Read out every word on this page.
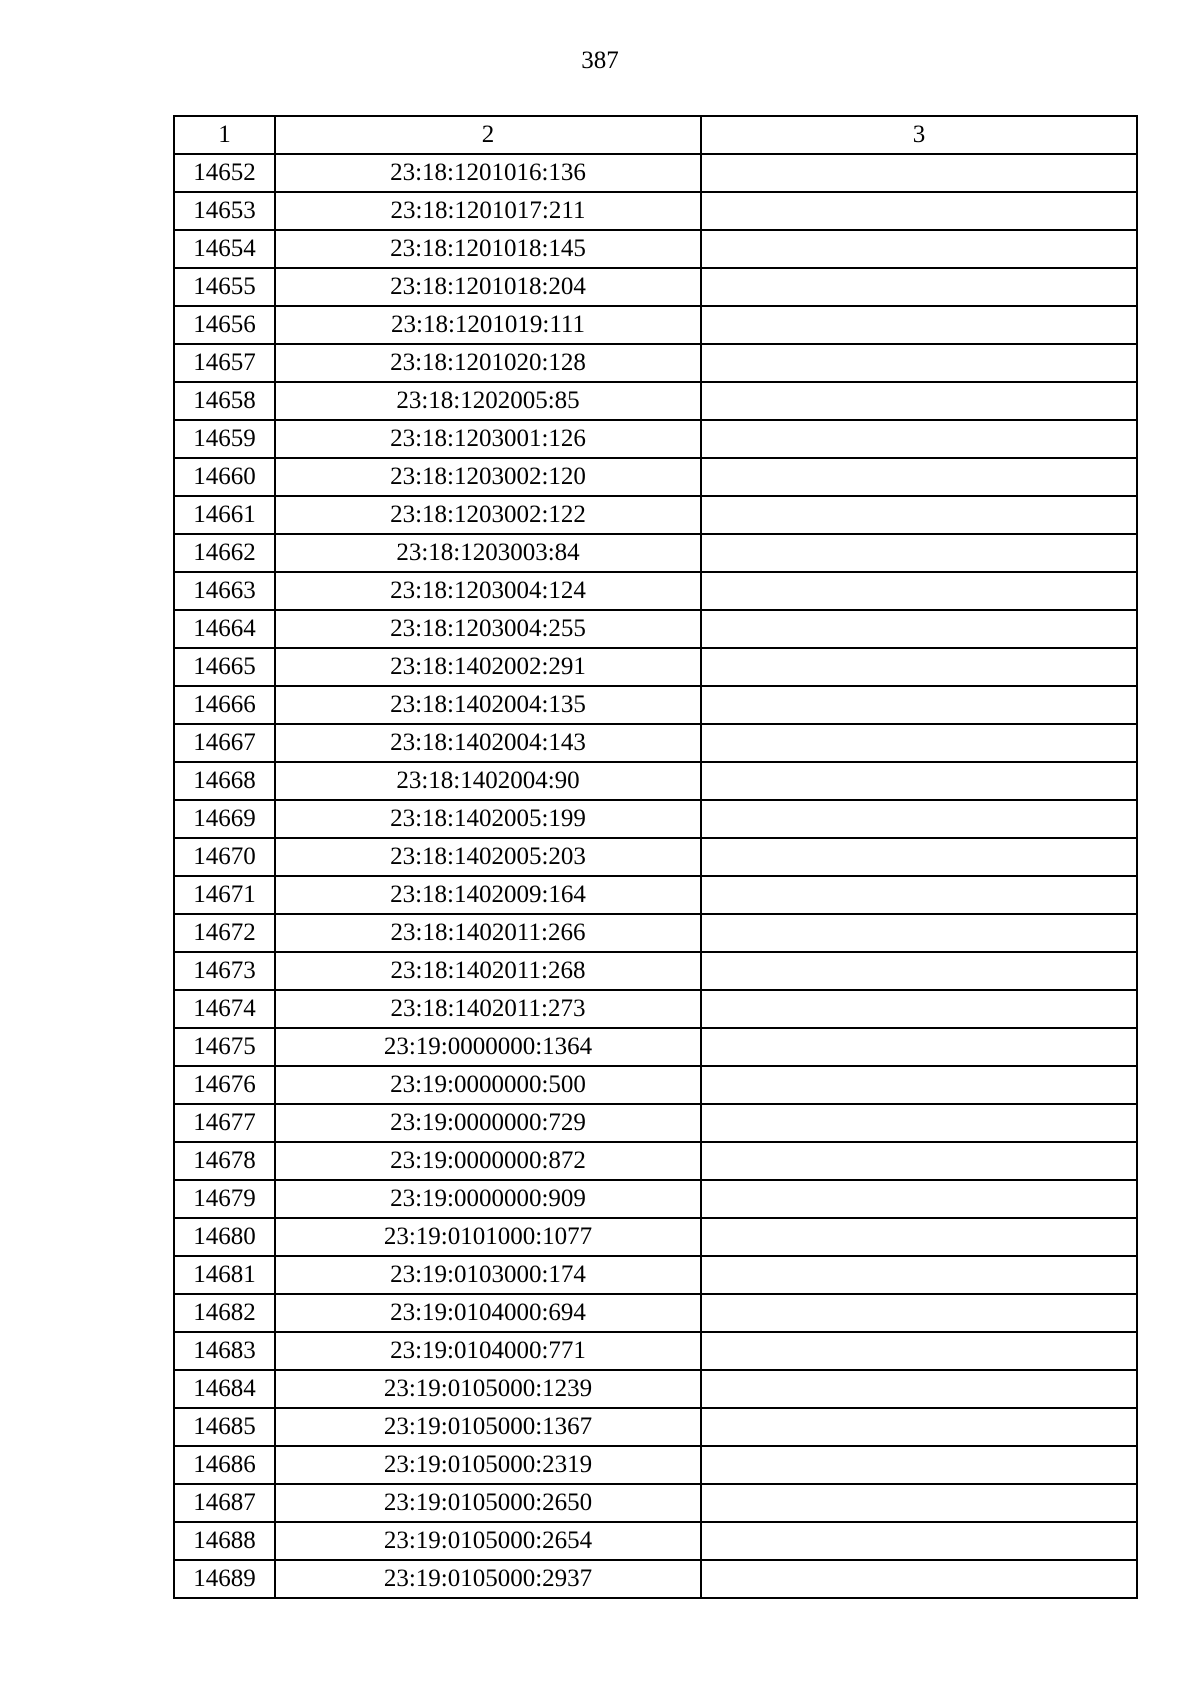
387
1	2	3
14652	23:18:1201016:136	
14653	23:18:1201017:211	
14654	23:18:1201018:145	
14655	23:18:1201018:204	
14656	23:18:1201019:111	
14657	23:18:1201020:128	
14658	23:18:1202005:85	
14659	23:18:1203001:126	
14660	23:18:1203002:120	
14661	23:18:1203002:122	
14662	23:18:1203003:84	
14663	23:18:1203004:124	
14664	23:18:1203004:255	
14665	23:18:1402002:291	
14666	23:18:1402004:135	
14667	23:18:1402004:143	
14668	23:18:1402004:90	
14669	23:18:1402005:199	
14670	23:18:1402005:203	
14671	23:18:1402009:164	
14672	23:18:1402011:266	
14673	23:18:1402011:268	
14674	23:18:1402011:273	
14675	23:19:0000000:1364	
14676	23:19:0000000:500	
14677	23:19:0000000:729	
14678	23:19:0000000:872	
14679	23:19:0000000:909	
14680	23:19:0101000:1077	
14681	23:19:0103000:174	
14682	23:19:0104000:694	
14683	23:19:0104000:771	
14684	23:19:0105000:1239	
14685	23:19:0105000:1367	
14686	23:19:0105000:2319	
14687	23:19:0105000:2650	
14688	23:19:0105000:2654	
14689	23:19:0105000:2937	
